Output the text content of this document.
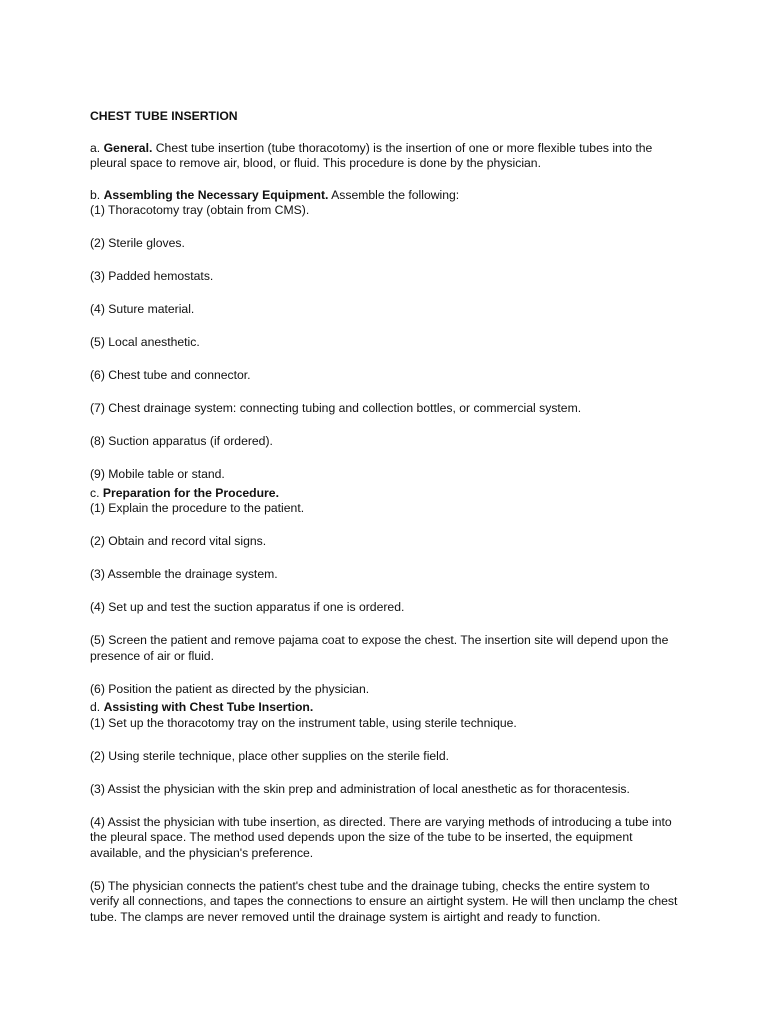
CHEST TUBE INSERTION
a. General. Chest tube insertion (tube thoracotomy) is the insertion of one or more flexible tubes into the pleural space to remove air, blood, or fluid. This procedure is done by the physician.
b. Assembling the Necessary Equipment. Assemble the following:
(1) Thoracotomy tray (obtain from CMS).
(2) Sterile gloves.
(3) Padded hemostats.
(4) Suture material.
(5) Local anesthetic.
(6) Chest tube and connector.
(7) Chest drainage system: connecting tubing and collection bottles, or commercial system.
(8) Suction apparatus (if ordered).
(9) Mobile table or stand.
c. Preparation for the Procedure.
(1) Explain the procedure to the patient.
(2) Obtain and record vital signs.
(3) Assemble the drainage system.
(4) Set up and test the suction apparatus if one is ordered.
(5) Screen the patient and remove pajama coat to expose the chest. The insertion site will depend upon the presence of air or fluid.
(6) Position the patient as directed by the physician.
d. Assisting with Chest Tube Insertion.
(1) Set up the thoracotomy tray on the instrument table, using sterile technique.
(2) Using sterile technique, place other supplies on the sterile field.
(3) Assist the physician with the skin prep and administration of local anesthetic as for thoracentesis.
(4) Assist the physician with tube insertion, as directed. There are varying methods of introducing a tube into the pleural space. The method used depends upon the size of the tube to be inserted, the equipment available, and the physician's preference.
(5) The physician connects the patient's chest tube and the drainage tubing, checks the entire system to verify all connections, and tapes the connections to ensure an airtight system. He will then unclamp the chest tube. The clamps are never removed until the drainage system is airtight and ready to function.
